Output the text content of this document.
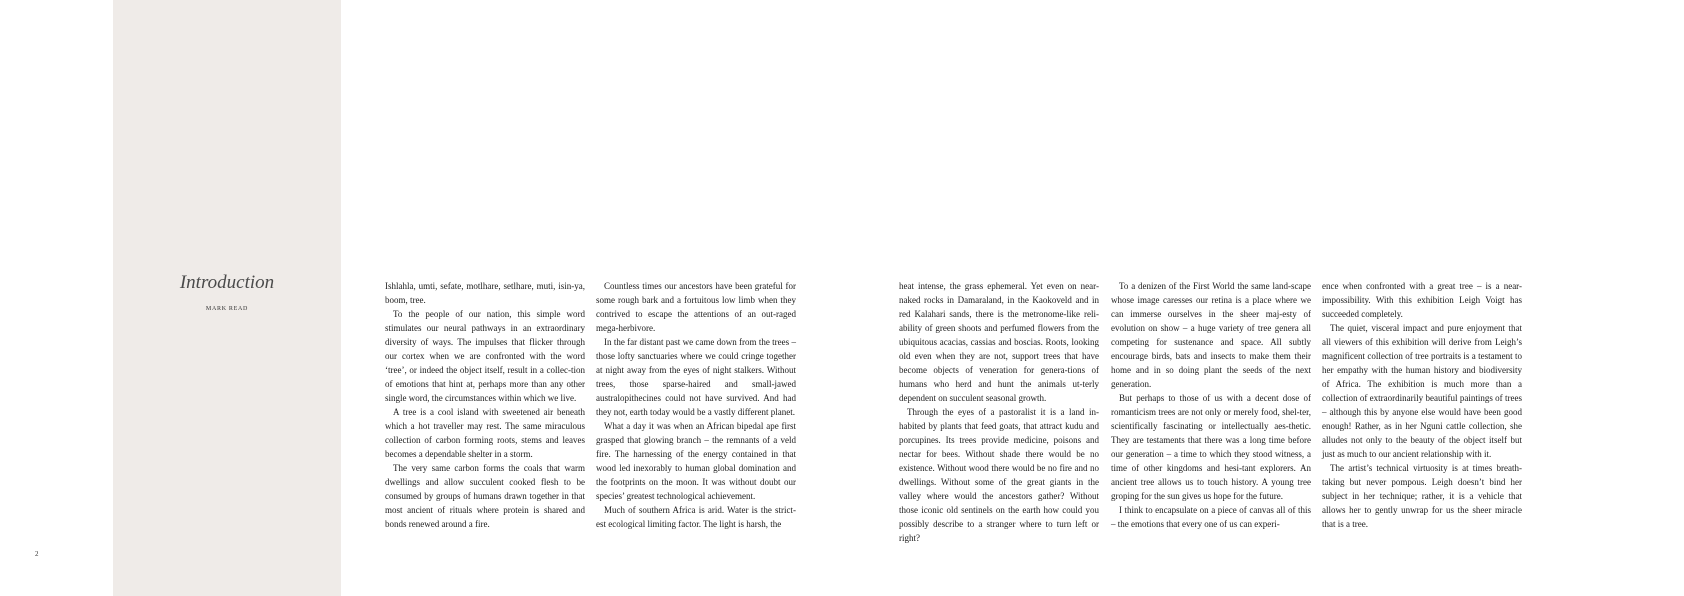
Introduction
MARK READ
2

Ishlahla, umti, sefate, motlhare, setlhare, muti, isin-ya, boom, tree.

To the people of our nation, this simple word stimulates our neural pathways in an extraordinary diversity of ways. The impulses that flicker through our cortex when we are confronted with the word ‘tree’, or indeed the object itself, result in a collec-tion of emotions that hint at, perhaps more than any other single word, the circumstances within which we live.

A tree is a cool island with sweetened air beneath which a hot traveller may rest. The same miraculous collection of carbon forming roots, stems and leaves becomes a dependable shelter in a storm.

The very same carbon forms the coals that warm dwellings and allow succulent cooked flesh to be consumed by groups of humans drawn together in that most ancient of rituals where protein is shared and bonds renewed around a fire.

Countless times our ancestors have been grateful for some rough bark and a fortuitous low limb when they contrived to escape the attentions of an out-raged mega-herbivore.

In the far distant past we came down from the trees – those lofty sanctuaries where we could cringe together at night away from the eyes of night stalkers. Without trees, those sparse-haired and small-jawed australopithecines could not have survived. And had they not, earth today would be a vastly different planet.

What a day it was when an African bipedal ape first grasped that glowing branch – the remnants of a veld fire. The harnessing of the energy contained in that wood led inexorably to human global domination and the footprints on the moon. It was without doubt our species’ greatest technological achievement.

Much of southern Africa is arid. Water is the strict-est ecological limiting factor. The light is harsh, the

heat intense, the grass ephemeral. Yet even on near-naked rocks in Damaraland, in the Kaokoveld and in red Kalahari sands, there is the metronome-like reli-ability of green shoots and perfumed flowers from the ubiquitous acacias, cassias and boscias. Roots, looking old even when they are not, support trees that have become objects of veneration for genera-tions of humans who herd and hunt the animals ut-terly dependent on succulent seasonal growth.

Through the eyes of a pastoralist it is a land in-habited by plants that feed goats, that attract kudu and porcupines. Its trees provide medicine, poisons and nectar for bees. Without shade there would be no existence. Without wood there would be no fire and no dwellings. Without some of the great giants in the valley where would the ancestors gather? Without those iconic old sentinels on the earth how could you possibly describe to a stranger where to turn left or right?

To a denizen of the First World the same land-scape whose image caresses our retina is a place where we can immerse ourselves in the sheer maj-esty of evolution on show – a huge variety of tree genera all competing for sustenance and space. All subtly encourage birds, bats and insects to make them their home and in so doing plant the seeds of the next generation.

But perhaps to those of us with a decent dose of romanticism trees are not only or merely food, shel-ter, scientifically fascinating or intellectually aes-thetic. They are testaments that there was a long time before our generation – a time to which they stood witness, a time of other kingdoms and hesi-tant explorers. An ancient tree allows us to touch history. A young tree groping for the sun gives us hope for the future.

I think to encapsulate on a piece of canvas all of this – the emotions that every one of us can experi-

ence when confronted with a great tree – is a near-impossibility. With this exhibition Leigh Voigt has succeeded completely.

The quiet, visceral impact and pure enjoyment that all viewers of this exhibition will derive from Leigh’s magnificent collection of tree portraits is a testament to her empathy with the human history and biodiversity of Africa. The exhibition is much more than a collection of extraordinarily beautiful paintings of trees – although this by anyone else would have been good enough! Rather, as in her Nguni cattle collection, she alludes not only to the beauty of the object itself but just as much to our ancient relationship with it.

The artist’s technical virtuosity is at times breath-taking but never pompous. Leigh doesn’t bind her subject in her technique; rather, it is a vehicle that allows her to gently unwrap for us the sheer miracle that is a tree.
